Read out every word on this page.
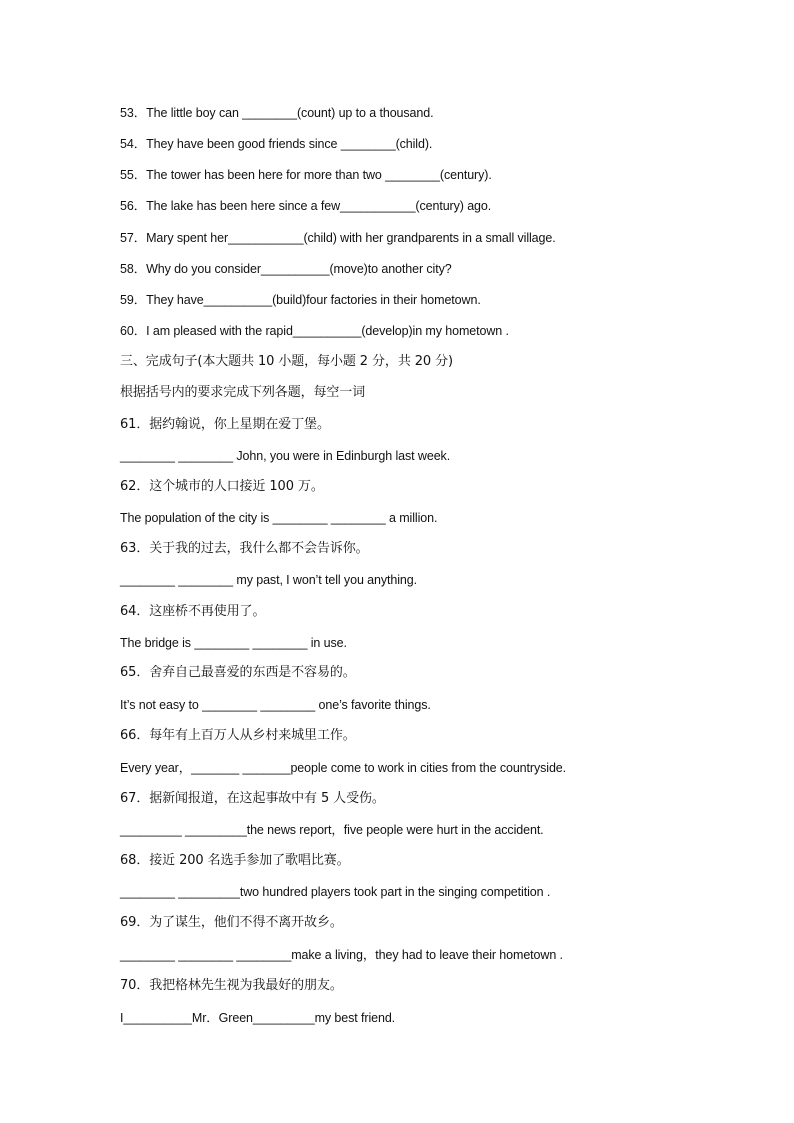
53．The little boy can ________(count) up to a thousand.
54．They have been good friends since ________(child).
55．The tower has been here for more than two ________(century).
56．The lake has been here since a few___________(century) ago.
57．Mary spent her___________(child) with her grandparents in a small village.
58．Why do you consider__________(move)to another city?
59．They have__________(build)four factories in their hometown.
60．I am pleased with the rapid__________(develop)in my hometown .
三、完成句子(本大题共 10 小题，每小题 2 分，共 20 分)
根据括号内的要求完成下列各题，每空一词
61．据约翰说，你上星期在爱丁堡。
________ ________ John, you were in Edinburgh last week.
62．这个城市的人口接近 100 万。
The population of the city is ________ ________ a million.
63．关于我的过去，我什么都不会告诉你。
________ ________ my past, I won’t tell you anything.
64．这座桥不再使用了。
The bridge is ________ ________ in use.
65．舍弃自己最喜爱的东西是不容易的。
It’s not easy to ________ ________ one’s favorite things.
66．每年有上百万人从乡村来城里工作。
Every year，_______ _______people come to work in cities from the countryside.
67．据新闻报道，在这起事故中有 5 人受伤。
_________ _________the news report，five people were hurt in the accident.
68．接近 200 名选手参加了歌唱比赛。
________ _________two hundred players took part in the singing competition .
69．为了谋生，他们不得不离开故乡。
________ ________ ________make a living，they had to leave their hometown .
70．我把格林先生视为我最好的朋友。
I__________Mr．Green_________my best friend.
